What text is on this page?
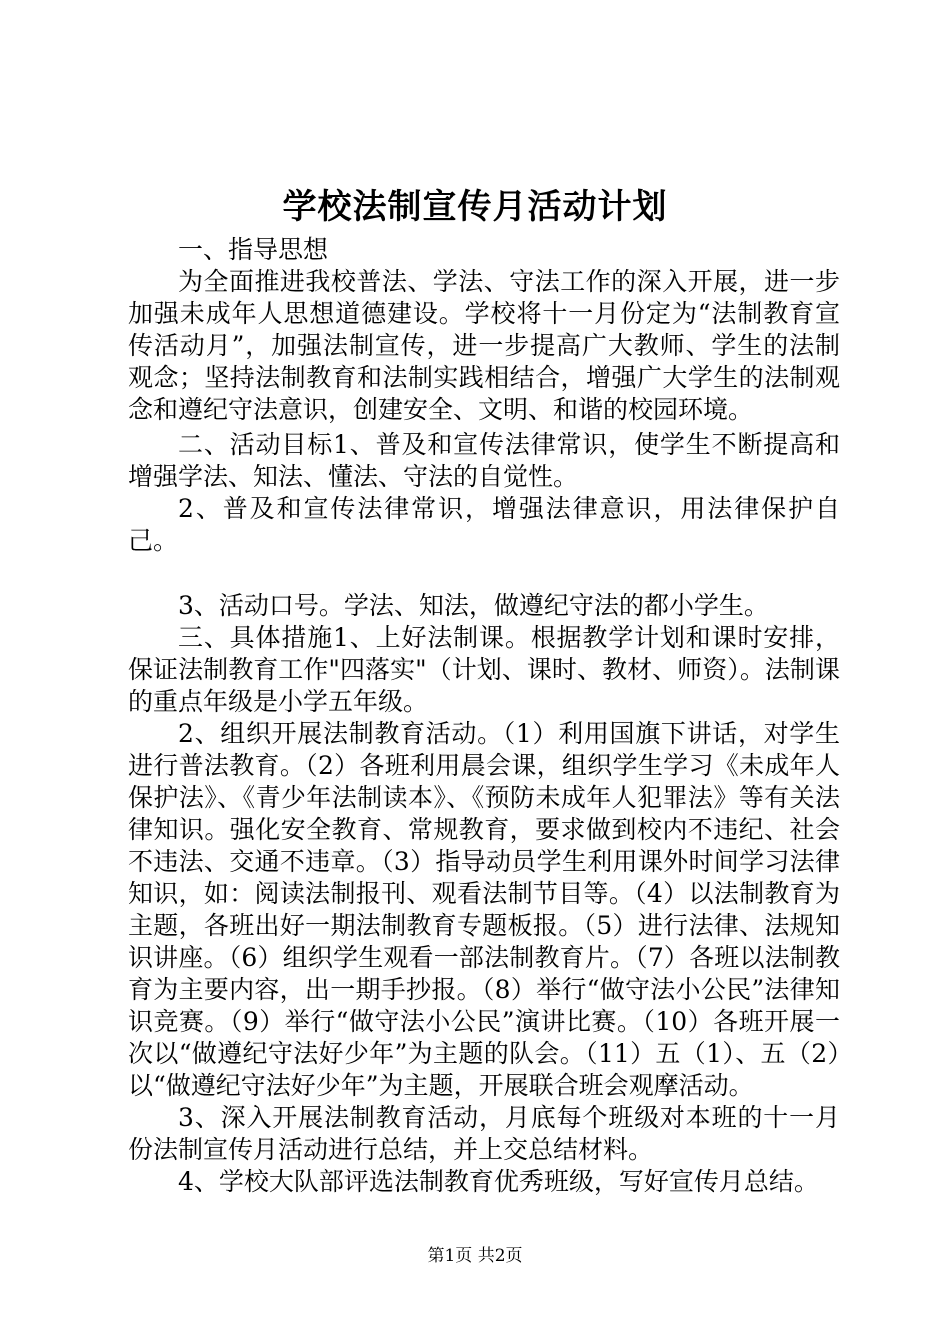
学校法制宣传月活动计划

一、指导思想

为全面推进我校普法、学法、守法工作的深入开展，进一步加强未成年人思想道德建设。学校将十一月份定为“法制教育宣传活动月”，加强法制宣传，进一步提高广大教师、学生的法制观念；坚持法制教育和法制实践相结合，增强广大学生的法制观念和遵纪守法意识，创建安全、文明、和谐的校园环境。

二、活动目标1、普及和宣传法律常识，使学生不断提高和增强学法、知法、懂法、守法的自觉性。

2、普及和宣传法律常识，增强法律意识，用法律保护自己。

3、活动口号。学法、知法，做遵纪守法的都小学生。

三、具体措施1、上好法制课。根据教学计划和课时安排，保证法制教育工作"四落实"（计划、课时、教材、师资）。法制课的重点年级是小学五年级。

2、组织开展法制教育活动。（1）利用国旗下讲话，对学生进行普法教育。（2）各班利用晨会课，组织学生学习《未成年人保护法》、《青少年法制读本》、《预防未成年人犯罪法》等有关法律知识。强化安全教育、常规教育，要求做到校内不违纪、社会不违法、交通不违章。（3）指导动员学生利用课外时间学习法律知识，如：阅读法制报刊、观看法制节目等。（4）以法制教育为主题，各班出好一期法制教育专题板报。（5）进行法律、法规知识讲座。（6）组织学生观看一部法制教育片。（7）各班以法制教育为主要内容，出一期手抄报。（8）举行“做守法小公民”法律知识竞赛。（9）举行“做守法小公民”演讲比赛。（10）各班开展一次以“做遵纪守法好少年”为主题的队会。（11）五（1）、五（2）以“做遵纪守法好少年”为主题，开展联合班会观摩活动。

3、深入开展法制教育活动，月底每个班级对本班的十一月份法制宣传月活动进行总结，并上交总结材料。

4、学校大队部评选法制教育优秀班级，写好宣传月总结。

第1页 共2页
